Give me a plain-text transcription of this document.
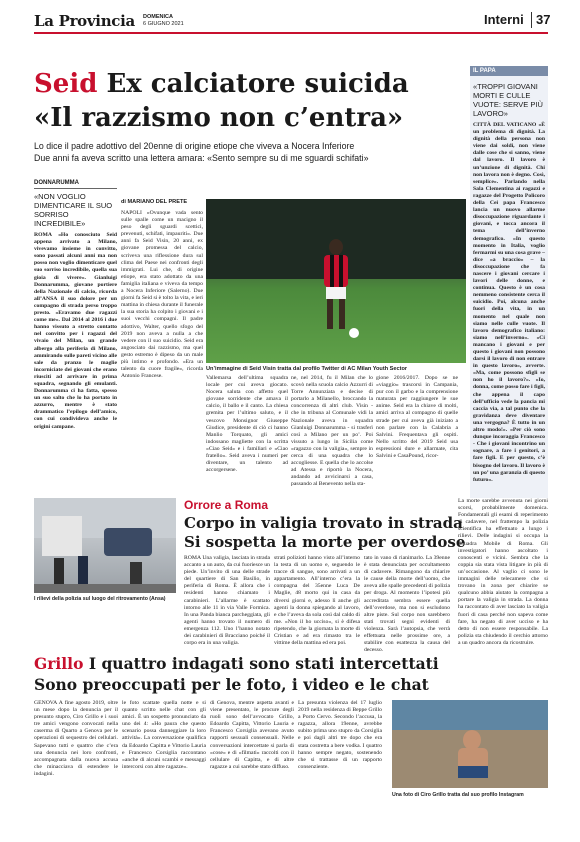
La Provincia DOMENICA
6 GIUGNO 2021	Interni 37
Seid Ex calciatore suicida
«Il razzismo non c’entra»
Lo dice il padre adottivo del 20enne di origine etiope che viveva a Nocera Inferiore
Due anni fa aveva scritto una lettera amara: «Sento sempre su di me sguardi schifati»
DONNARUMMA
«NON VOGLIO DIMENTICARE IL SUO SORRISO INCREDIBILE»
ROMA «Ho conosciuto Seid appena arrivato a Milano, vivevamo insieme in convitto, sono passati alcuni anni ma non posso non voglio dimenticare quel suo sorriso incredibile, quella sua gioia di vivere». Gianluigi Donnarumma, giovane portiere della Nazionale di calcio, ricorda all’ANSA il suo dolore per un compagno di strada perso troppo presto. «Eravamo due ragazzi come me». Dal 2014 al 2016 i due hanno vissuto a stretto contatto nel convitto per i ragazzi del vivaio del Milan, un grande albergo alla periferia di Milano, ammirando sulle pareti vicino alle sale da pranzo le maglie incorniciate dei giovani che erano riusciti ad arrivare in prima squadra, segnando gli emulanti. Donnarumma ci ha fatta, spesso un suo salto che lo ha portato in azzurro, mentre è stato drammatico l’epilogo dell’amico, con cui condivideva anche le origini campane.
di MARIANO DEL PRETE
NAPOLI «Ovunque vada sento sulle spalle come un macigno il peso degli sguardi scettici, prevenuti, schifati, impauriti». Due anni fa Seid Visin, 20 anni, ex giovane promessa del calcio, scriveva una riflessione dura sul clima del Paese nei confronti degli immigrati. Lui che, di origine etiope, era stato adottato da una famiglia italiana e viveva da tempo a Nocera Inferiore (Salerno). Due giorni fa Seid si è tolto la vita, e ieri mattina in chiesa durante il funerale la sua storia ha colpito i giovani e i suoi vecchi compagni. Il padre adottivo, Walter, quello sfogo del 2019 non aveva a nulla a che vedere con il suo suicidio. Seid era angosciato dai razzismo, ma quel gesto estremo è dipeso da un male più intimo e profondo. «Era un talento da cuore fragile», ricorda Antonio Francese.	Vallemarsa dell’ultima squadra locale per cui aveva giocato. Nocera saluta con affetto quel giovane sorridente che amava il calcio, il ballo e il canto. La chiesa gremita per l’ultimo saluto, e il vescovo Monsignor Giuseppe Giudice, presidente di ciò ci hanno Manlio Torquato, gli amici indossano magliette con la scritta «Ciao Seid» e i familiari e «Ciao fratello». Seid aveva i numeri per diventare, un talento ad accorgersene.
ne, nel 2014, fu il Milan che lo scovò nella scuola calcio Azzurri di Torre Annunziata e decise di portarlo a Milanello, broccando la concorrenza di altri club. Visin - che in tribuna al Comunale vidi la Nazionale aveva in squadra Gianluigi Donnarumma - si trasferì così a Milano per un po’. Poi vissuto a lungo in Sicilia come «ragazzo con la valigia», sempre in cerca di una squadra che lo accogliesse. E quella che lo accolse ad Atessa e riportò la Nocera, andando ad avvicinarsi a casa, passando al Benevento nella sta-
gione 2016/2017. Dopo se ne «viaggio» trascorsi in Campania, pur con il garbo e la comprensione maturata per raggiungere le sue anime. Seid era la chiave di molti, amici arriva al compagno di quelle strade per cui aveva già iniziato a non parlare con la Calabria a Salvini. Frequentava gli ospiti. Nello scritto del 2019 Seid usa espressioni dure e allarmate, cita Salvini e CasaPound, ricor-
Un’immagine di Seid Visin tratta dal profilo Twitter di AC Milan Youth Sector
IL PAPA
«TROPPI GIOVANI MORTI E CULLE VUOTE: SERVE PIÙ LAVORO»
CITTÀ DEL VATICANO «È un problema di dignità. La dignità della persona non viene dai soldi, non viene dalle cose che si sanno, viene dal lavoro. Il lavoro è un’unzione di dignità. Chi non lavora non è degno. Così, semplice». Parlando nella Sala Clementina ai ragazzi e ragazze del Progetto Policoro della Cei papa Francesco lancia un nuovo allarme disoccupazione riguardante i giovani, e tocca ancora il tema dell’inverno demografico. «In questo momento in Italia, voglio fermarmi su una cosa grave – dice «a braccio» – la disoccupazione che fa nascere i giovani cercare i lavori delle donne, e continua. Questo è un cosa nemmeno consistente cerca il suicidio. Poi, alcuna anche fuori della vita, in un momento nel quale non siamo nelle culle vuote. Il lavoro demografico italiano: siamo nell’inverno». «Ci mancano i giovani e per questo i giovani non possono darsi il lavoro di non entrare in questo lavoro», avverte. «Ma, come possono sfigli se non ho il lavoro?». «Io, donna, come posso fare i figli, che appena il capo dell’ufficio vede la pancia mi caccia via, a tal punto che la gravidanza deve diventare una vergogna? È tutto in un altro modo!». «Per ciò sono dunque incoraggia Francesco - Che i giovani incontrino un sognare, a fare i genitori, a fare figli. E per questo, c’è bisogno del lavoro. Il lavoro è un po’ una garanzia di questo futuro».
I rilievi della polizia sul luogo del ritrovamento (Ansa)
Orrore a Roma
Corpo in valigia trovato in strada
Si sospetta la morte per overdose
ROMA Una valigia, lasciata in strada accanto a un auto, da cui fuoriesce un piede. Un’invito di una delle strade del quartiere di San Basilio, in periferia di Roma. È allora che i residenti hanno chiamato i carabinieri. L’allarme è scattato intorno alle 11 in via Valle Formica. In una Panda bianca parcheggiata, gli agenti hanno trovato il numero di emergenza 112. Uno l’hanno notato dei carabinieri di Bracciano poiché il corpo era in una valigia.
strati polizioti hanno visto all’interno la testa di un uomo e, seguendo le tracce di sangue, sono arrivati a un appartamento. All’interno c’era la compagna del 35enne Luca De Maglie, 48 morto qui in casa da diversi giorni e, adesso lì anche gli agenti la donna spiegando al lavoro, e che l’aveva da sola così dal caldo di me. «Non il ho ucciso», si è difesa ripetendo, che la giornata la morte di Cristian e ad era rimasto tra le vittime della mattina ed era poi.
tato in vano di rianimarlo. La 39enne è stata denunciata per occultamento di cadavere. Rimangono da chiarire le cause della morte dell’uomo, che aveva alle spalle precedenti di polizia per droga. Al momento l’ipotesi più accreditata sembra essere quella dell’overdose, ma non si escludono altre piste. Sul corpo non sarebbero stati trovati segni evidenti di violenza. Sarà l’autopsia, che verrà effettuata nelle prossime ore, a stabilire con esattezza la causa del decesso.
La morte sarebbe avvenuta nei giorni scorsi, probabilmente domenica. Fondamentali gli esami di reperimento di cadavere, nel frattempo la polizia scientifica ha effettuato a lungo i rilievi. Delle indagini si occupa la Squadra Mobile di Roma. Gli investigatori hanno ascoltato i conoscenti e vicini. Sembra che la coppia sia stata vista litigare in più di un’occasione. Al vaglio ci sono le immagini delle telecamere che si trovano in zona per chiarire se qualcuno abbia aiutato la compagna a portare la valigia in strada. La donna ha raccontato di aver lasciato la valigia fuori di casa perché non sapeva come fare, ha negato di aver ucciso e ha detto di non essere responsabile. La polizia sta chiudendo il cerchio attorno a un quadro ancora da ricostruire.
Grillo I quattro indagati sono stati intercettati
Sono preoccupati per le foto, i video e le chat
GENOVA A fine agosto 2019, oltre un mese dopo la denuncia per il presunto stupro, Ciro Grillo e i suoi tre amici vengono convocati nella caserma di Quarto a Genova per le operazioni di sequestro dei cellulari. Sapevano tutti e quattro che c’era una denuncia nei loro confronti, accompagnata dalla nuova accusa che minacciava di estendere le indagini.
le foto scattate quella notte e si quanto scritto nelle chat con gli amici. È un sospetto pronunciato da uno dei 4: «Ho paura che questo scenario possa danneggiare la loro attività». La conversazione qualifica da Edoardo Capitta e Vittorio Lauria e Francesco Corsiglia raccontano «anche di alcuni scambi e messaggi intercorsi con altre ragazze».
di Genova, mentre aspetta avanti e viene presentato, le procure degli ruoli sono dell’avvocato Grillo, Edoardo Capitta, Vittorio Lauria e Francesco Corsiglia avevano avuto rapporti sessuali consensuali. Nelle conversazioni intercettate si parla di «cose» e di «filmati» raccolti con il cellulare di Capitta, e di altre ragazze a cui sarebbe stato diffuso.
La presunta violenza del 17 luglio 2019 nella residenza di Beppe Grillo a Porto Cervo. Secondo l’accusa, la ragazza, allora 19enne, avrebbe subito prima uno stupro da Corsiglia e poi dagli altri tre dopo che era stata costretta a bere vodka. I quattro hanno sempre negato, sostenendo che si trattasse di un rapporto consenziente.
Una foto di Ciro Grillo tratta dal suo profilo Instagram
